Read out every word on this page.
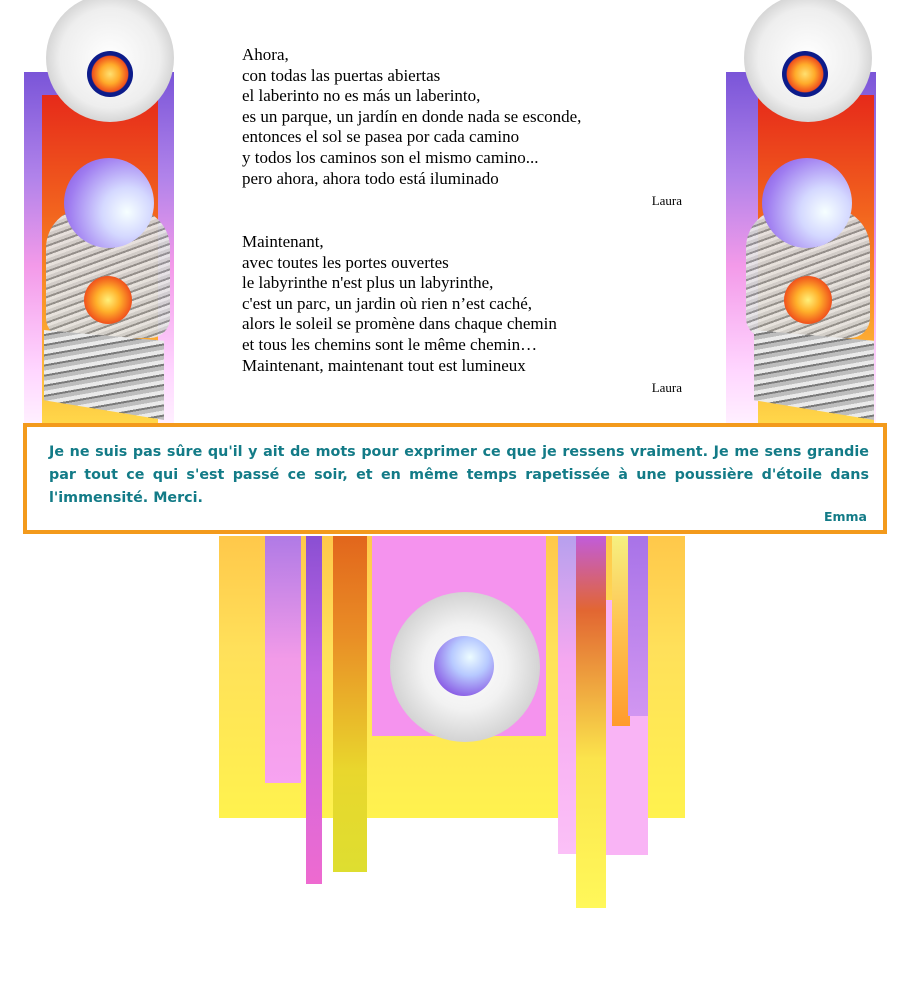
Ahora,

con todas las puertas abiertas

el laberinto no es más un laberinto,

es un parque, un jardín en donde nada se esconde,

entonces el sol se pasea por cada camino

y todos los caminos son el mismo camino...

pero ahora, ahora todo está iluminado

Laura

Maintenant,

avec toutes les portes ouvertes

le labyrinthe n'est plus un labyrinthe,

c'est un parc, un jardin où rien n’est caché,

alors le soleil se promène dans chaque chemin

et tous les chemins sont le même chemin…

Maintenant, maintenant tout est lumineux

Laura

Je ne suis pas sûre qu'il y ait de mots pour exprimer ce que je ressens vraiment. Je me sens grandie par tout ce qui s'est passé ce soir, et en même temps rapetissée à une poussière d'étoile dans l'immensité. Merci.
Emma
